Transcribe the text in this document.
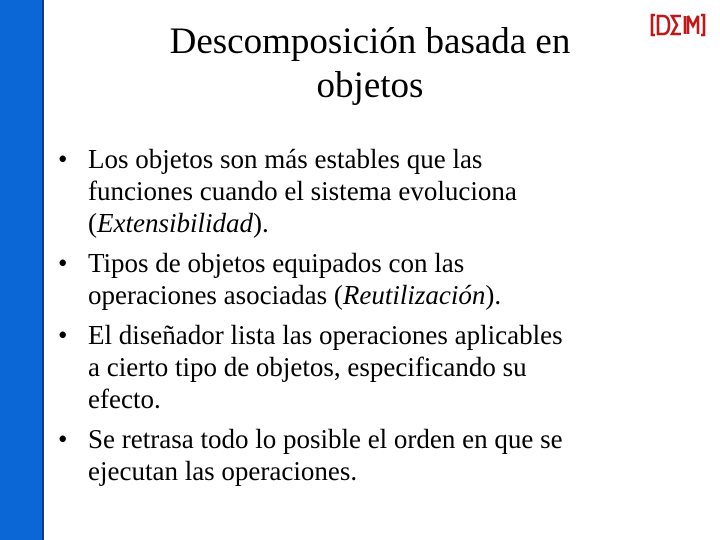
Descomposición basada en
objetos
• Los objetos son más estables que las
funciones cuando el sistema evoluciona
(Extensibilidad).
• Tipos de objetos equipados con las
operaciones asociadas (Reutilización).
• El diseñador lista las operaciones aplicables
a cierto tipo de objetos, especificando su
efecto.
• Se retrasa todo lo posible el orden en que se
ejecutan las operaciones.
